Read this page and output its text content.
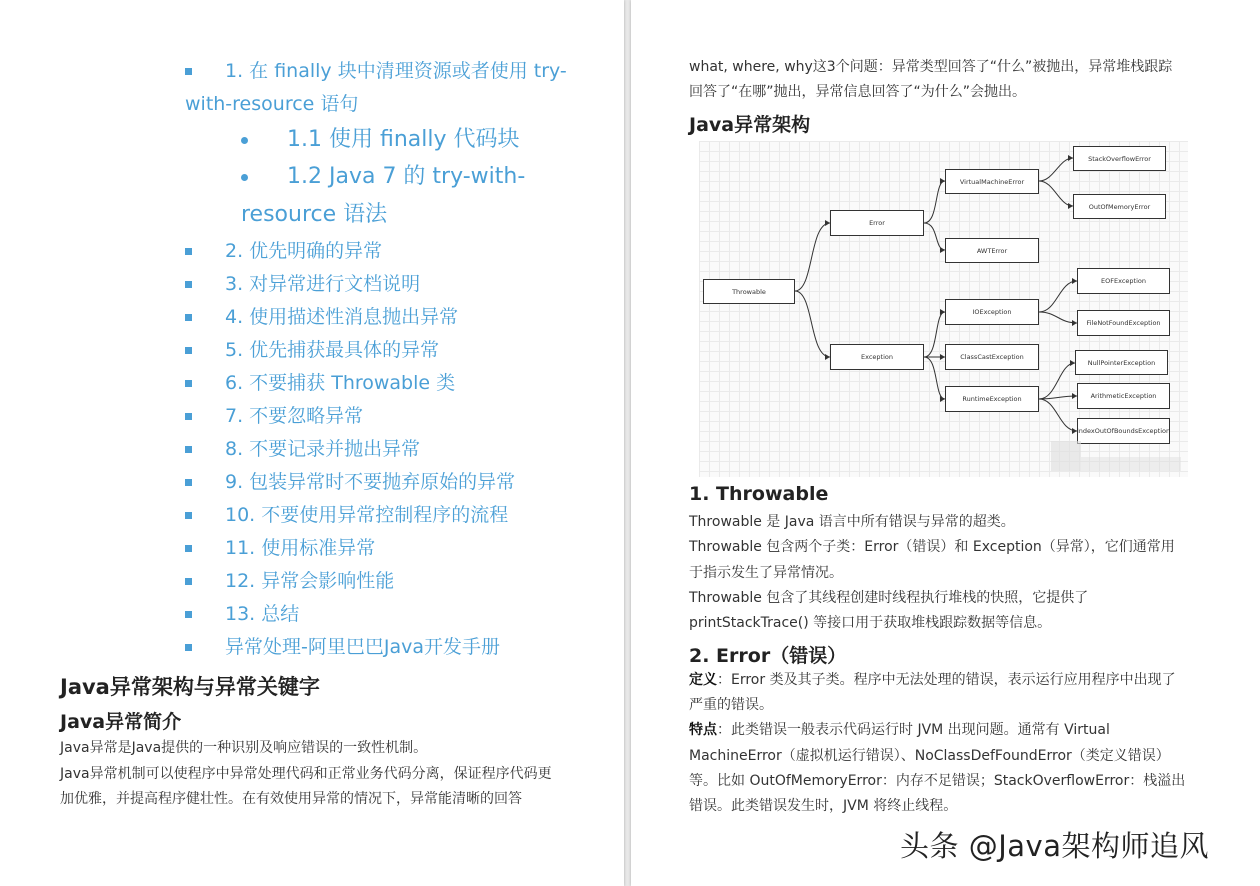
1. 在 finally 块中清理资源或者使用 try-
with-resource 语句
1.1 使用 finally 代码块
1.2 Java 7 的 try-with-
resource 语法
2. 优先明确的异常
3. 对异常进行文档说明
4. 使用描述性消息抛出异常
5. 优先捕获最具体的异常
6. 不要捕获 Throwable 类
7. 不要忽略异常
8. 不要记录并抛出异常
9. 包装异常时不要抛弃原始的异常
10. 不要使用异常控制程序的流程
11. 使用标准异常
12. 异常会影响性能
13. 总结
异常处理-阿里巴巴Java开发手册
Java异常架构与异常关键字
Java异常简介
Java异常是Java提供的一种识别及响应错误的一致性机制。
Java异常机制可以使程序中异常处理代码和正常业务代码分离，保证程序代码更
加优雅，并提高程序健壮性。在有效使用异常的情况下，异常能清晰的回答
what, where, why这3个问题：异常类型回答了“什么”被抛出，异常堆栈跟踪
回答了“在哪”抛出，异常信息回答了“为什么”会抛出。
Java异常架构
Throwable
Error
Exception
VirtualMachineError
AWTError
StackOverflowError
OutOfMemoryError
IOException
ClassCastException
RuntimeException
EOFException
FileNotFoundException
NullPointerException
ArithmeticException
IndexOutOfBoundsException
1. Throwable
Throwable 是 Java 语言中所有错误与异常的超类。
Throwable 包含两个子类：Error（错误）和 Exception（异常），它们通常用
于指示发生了异常情况。
Throwable 包含了其线程创建时线程执行堆栈的快照，它提供了
printStackTrace() 等接口用于获取堆栈跟踪数据等信息。
2. Error（错误）
定义：Error 类及其子类。程序中无法处理的错误，表示运行应用程序中出现了
严重的错误。
特点：此类错误一般表示代码运行时 JVM 出现问题。通常有 Virtual
MachineError（虚拟机运行错误）、NoClassDefFoundError（类定义错误）
等。比如 OutOfMemoryError：内存不足错误；StackOverflowError：栈溢出
错误。此类错误发生时，JVM 将终止线程。
头条 @Java架构师追风
